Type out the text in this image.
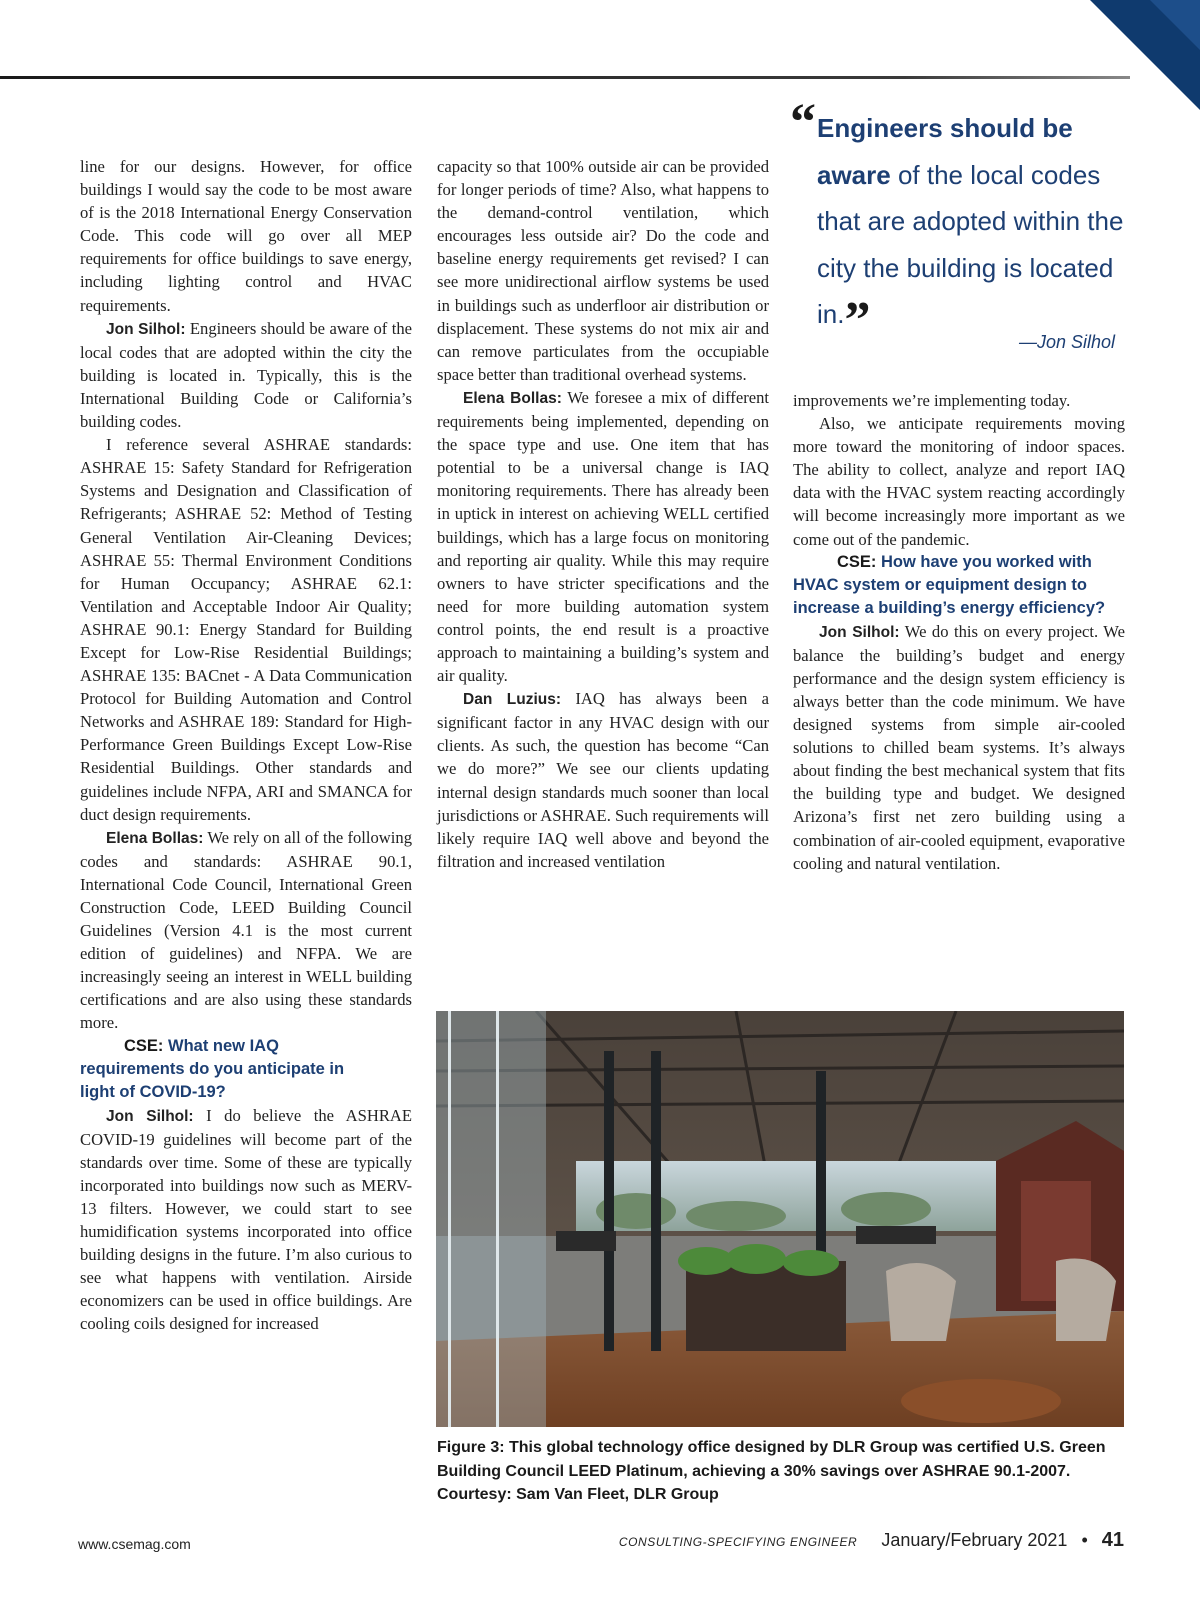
line for our designs. However, for office buildings I would say the code to be most aware of is the 2018 International Energy Conservation Code. This code will go over all MEP requirements for office buildings to save energy, including lighting control and HVAC requirements.

Jon Silhol: Engineers should be aware of the local codes that are adopted within the city the building is located in. Typically, this is the International Building Code or California’s building codes.

I reference several ASHRAE standards: ASHRAE 15: Safety Standard for Refrigeration Systems and Designation and Classification of Refrigerants; ASHRAE 52: Method of Testing General Ventilation Air-Cleaning Devices; ASHRAE 55: Thermal Environment Conditions for Human Occupancy; ASHRAE 62.1: Ventilation and Acceptable Indoor Air Quality; ASHRAE 90.1: Energy Standard for Building Except for Low-Rise Residential Buildings; ASHRAE 135: BACnet - A Data Communication Protocol for Building Automation and Control Networks and ASHRAE 189: Standard for High-Performance Green Buildings Except Low-Rise Residential Buildings. Other standards and guidelines include NFPA, ARI and SMANCA for duct design requirements.

Elena Bollas: We rely on all of the following codes and standards: ASHRAE 90.1, International Code Council, International Green Construction Code, LEED Building Council Guidelines (Version 4.1 is the most current edition of guidelines) and NFPA. We are increasingly seeing an interest in WELL building certifications and are also using these standards more.

CSE: What new IAQ requirements do you anticipate in light of COVID-19?

Jon Silhol: I do believe the ASHRAE COVID-19 guidelines will become part of the standards over time. Some of these are typically incorporated into buildings now such as MERV-13 filters. However, we could start to see humidification systems incorporated into office building designs in the future. I’m also curious to see what happens with ventilation. Airside economizers can be used in office buildings. Are cooling coils designed for increased

capacity so that 100% outside air can be provided for longer periods of time? Also, what happens to the demand-control ventilation, which encourages less outside air? Do the code and baseline energy requirements get revised? I can see more unidirectional airflow systems be used in buildings such as underfloor air distribution or displacement. These systems do not mix air and can remove particulates from the occupiable space better than traditional overhead systems.

Elena Bollas: We foresee a mix of different requirements being implemented, depending on the space type and use. One item that has potential to be a universal change is IAQ monitoring requirements. There has already been in uptick in interest on achieving WELL certified buildings, which has a large focus on monitoring and reporting air quality. While this may require owners to have stricter specifications and the need for more building automation system control points, the end result is a proactive approach to maintaining a building’s system and air quality.

Dan Luzius: IAQ has always been a significant factor in any HVAC design with our clients. As such, the question has become “Can we do more?” We see our clients updating internal design standards much sooner than local jurisdictions or ASHRAE. Such requirements will likely require IAQ well above and beyond the filtration and increased ventilation

“ Engineers should be aware of the local codes that are adopted within the city the building is located in.”	—Jon Silhol

improvements we’re implementing today.

Also, we anticipate requirements moving more toward the monitoring of indoor spaces. The ability to collect, analyze and report IAQ data with the HVAC system reacting accordingly will become increasingly more important as we come out of the pandemic.

CSE: How have you worked with HVAC system or equipment design to increase a building’s energy efficiency?

Jon Silhol: We do this on every project. We balance the building’s budget and energy performance and the design system efficiency is always better than the code minimum. We have designed systems from simple air-cooled solutions to chilled beam systems. It’s always about finding the best mechanical system that fits the building type and budget. We designed Arizona’s first net zero building using a combination of air-cooled equipment, evaporative cooling and natural ventilation.

Figure 3: This global technology office designed by DLR Group was certified U.S. Green Building Council LEED Platinum, achieving a 30% savings over ASHRAE 90.1-2007. Courtesy: Sam Van Fleet, DLR Group
www.csemag.com	CONSULTING-SPECIFYING ENGINEER January/February 2021 • 41
